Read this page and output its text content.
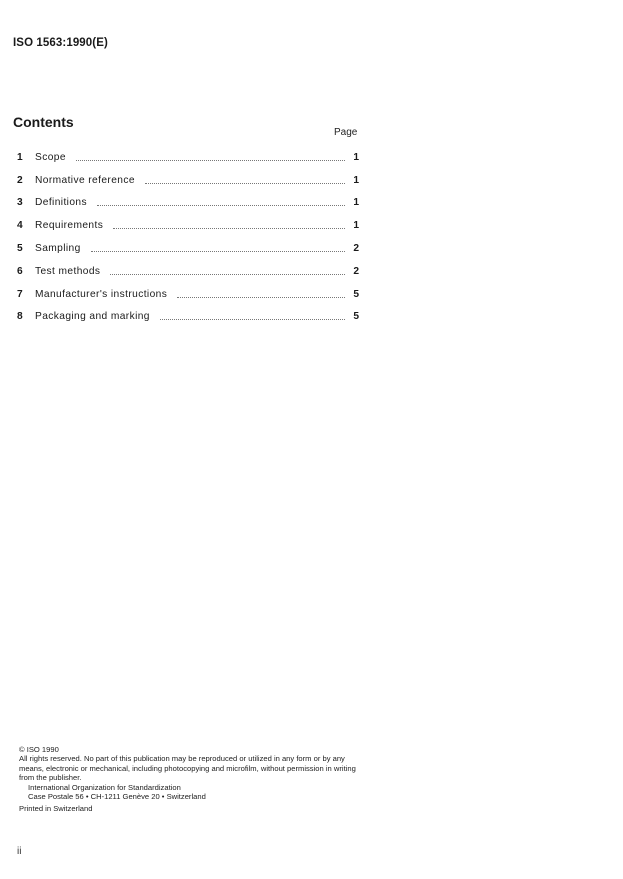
ISO 1563:1990(E)
Contents
Page
1	Scope	1
2	Normative reference	1
3	Definitions	1
4	Requirements	1
5	Sampling	2
6	Test methods	2
7	Manufacturer's instructions	5
8	Packaging and marking	5

© ISO 1990

All rights reserved. No part of this publication may be reproduced or utilized in any form or by any means, electronic or mechanical, including photocopying and microfilm, without permission in writing from the publisher.

International Organization for Standardization

Case Postale 56 • CH-1211 Genève 20 • Switzerland

Printed in Switzerland

ii
